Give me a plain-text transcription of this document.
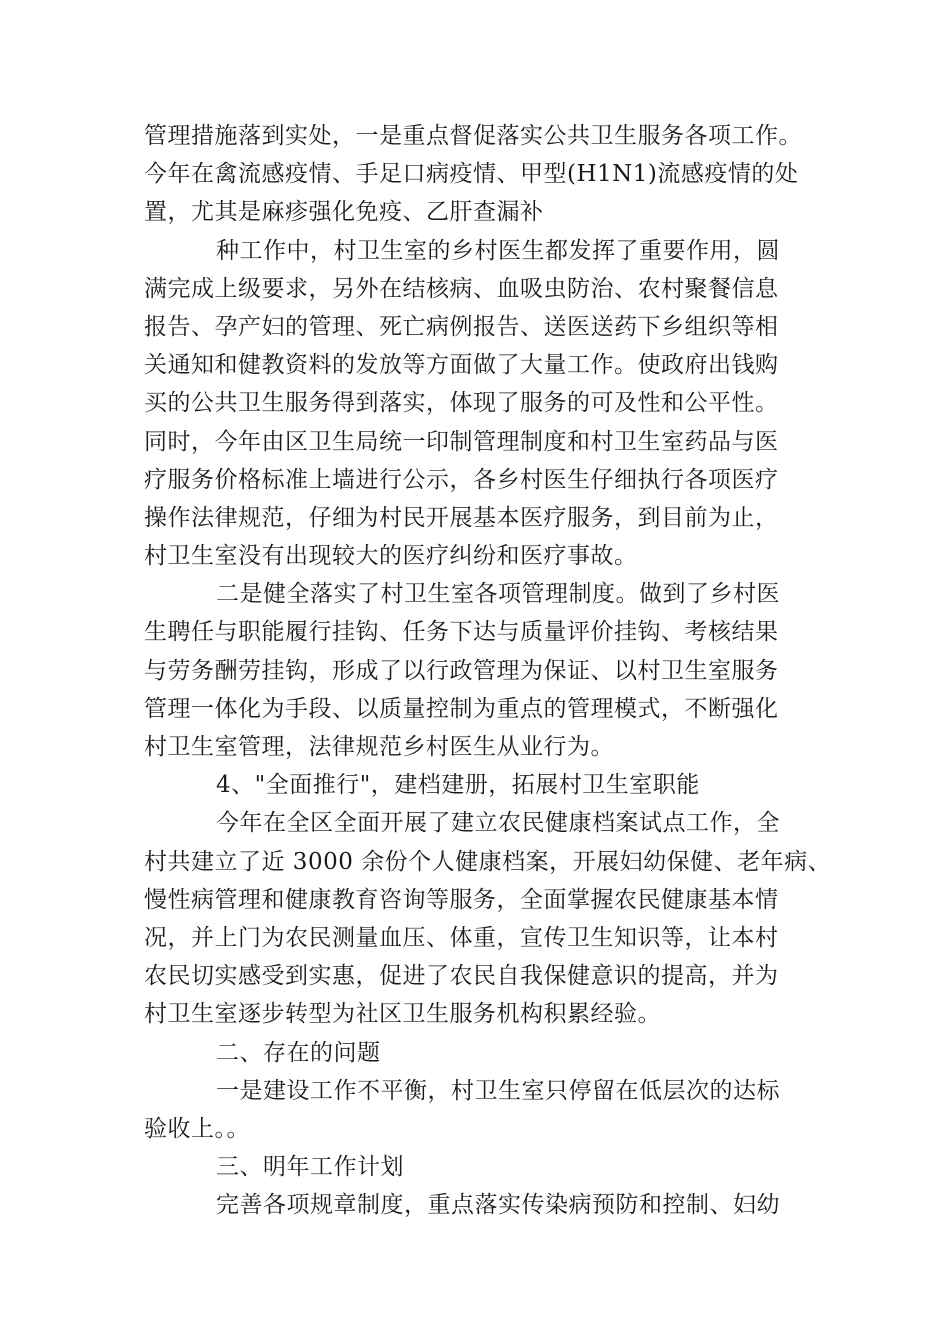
管理措施落到实处，一是重点督促落实公共卫生服务各项工作。
今年在禽流感疫情、手足口病疫情、甲型(H1N1)流感疫情的处
置，尤其是麻疹强化免疫、乙肝查漏补
种工作中，村卫生室的乡村医生都发挥了重要作用，圆
满完成上级要求，另外在结核病、血吸虫防治、农村聚餐信息
报告、孕产妇的管理、死亡病例报告、送医送药下乡组织等相
关通知和健教资料的发放等方面做了大量工作。使政府出钱购
买的公共卫生服务得到落实，体现了服务的可及性和公平性。
同时，今年由区卫生局统一印制管理制度和村卫生室药品与医
疗服务价格标准上墙进行公示，各乡村医生仔细执行各项医疗
操作法律规范，仔细为村民开展基本医疗服务，到目前为止，
村卫生室没有出现较大的医疗纠纷和医疗事故。
二是健全落实了村卫生室各项管理制度。做到了乡村医
生聘任与职能履行挂钩、任务下达与质量评价挂钩、考核结果
与劳务酬劳挂钩，形成了以行政管理为保证、以村卫生室服务
管理一体化为手段、以质量控制为重点的管理模式，不断强化
村卫生室管理，法律规范乡村医生从业行为。
4、"全面推行"，建档建册，拓展村卫生室职能
今年在全区全面开展了建立农民健康档案试点工作，全
村共建立了近 3000 余份个人健康档案，开展妇幼保健、老年病、
慢性病管理和健康教育咨询等服务，全面掌握农民健康基本情
况，并上门为农民测量血压、体重，宣传卫生知识等，让本村
农民切实感受到实惠，促进了农民自我保健意识的提高，并为
村卫生室逐步转型为社区卫生服务机构积累经验。
二、存在的问题
一是建设工作不平衡，村卫生室只停留在低层次的达标
验收上。。
三、明年工作计划
完善各项规章制度，重点落实传染病预防和控制、妇幼
